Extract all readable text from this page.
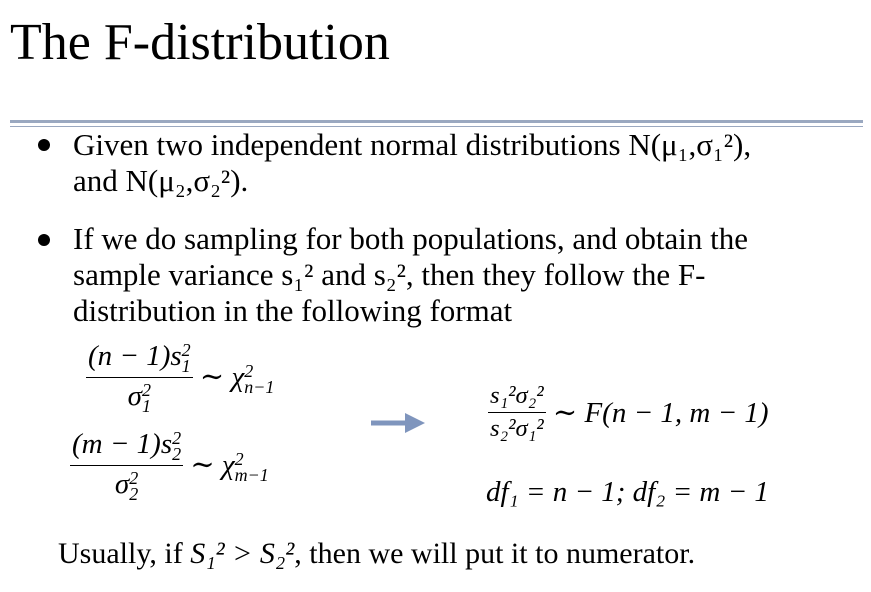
The F-distribution
Given two independent normal distributions N(μ₁,σ₁²),
and N(μ₂,σ₂²).
If we do sampling for both populations, and obtain the
sample variance s₁² and s₂², then they follow the F-
distribution in the following format
(n − 1)s 2
1
σ 2
1 ∼ χ 2
n−1
(m − 1)s 2
2
σ 2
2 ∼ χ 2
m−1
$\frac{\text{s₁²σ₂²}}{\text{s₂²σ₁²}}$ ∼ F(n − 1, m − 1)
df₁ = n − 1; df₂ = m − 1
Usually, if S₁² > S₂², then we will put it to numerator.
